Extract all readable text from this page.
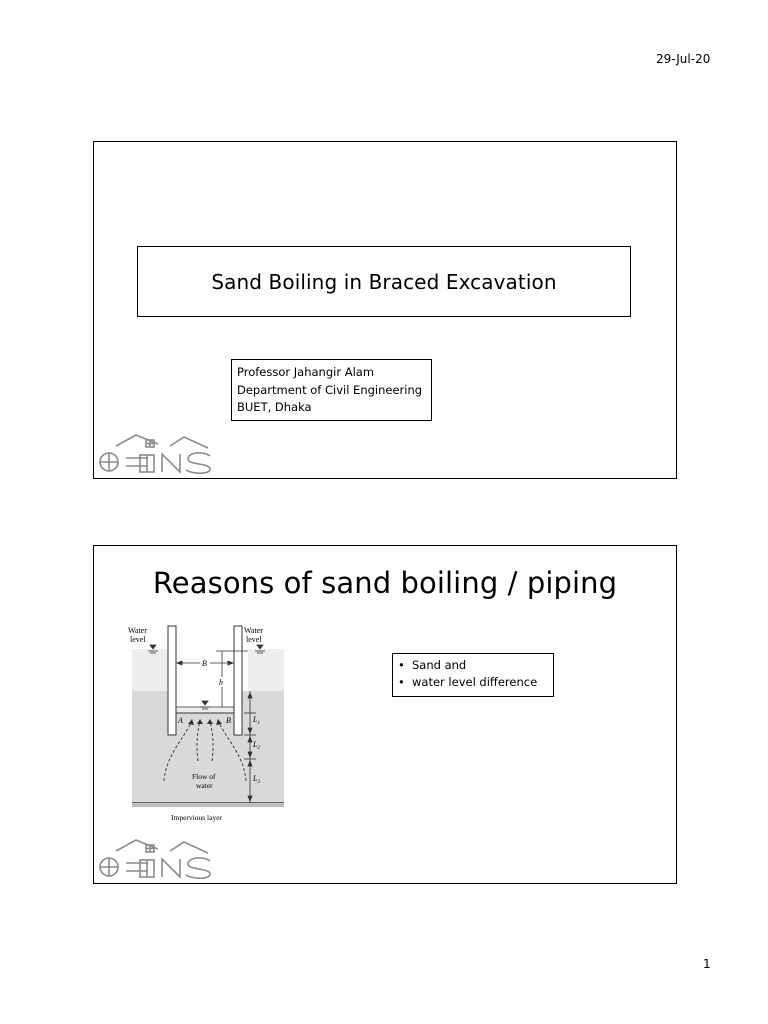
29-Jul-20
Sand Boiling in Braced Excavation
Professor Jahangir Alam
Department of Civil Engineering
BUET, Dhaka
Reasons of sand boiling / piping
Water
level
Water
level
B
h
A	B	$L_1$
$L_2$
$L_3$
Flow of
water
Impervious layer
• Sand and
• water level difference
1
